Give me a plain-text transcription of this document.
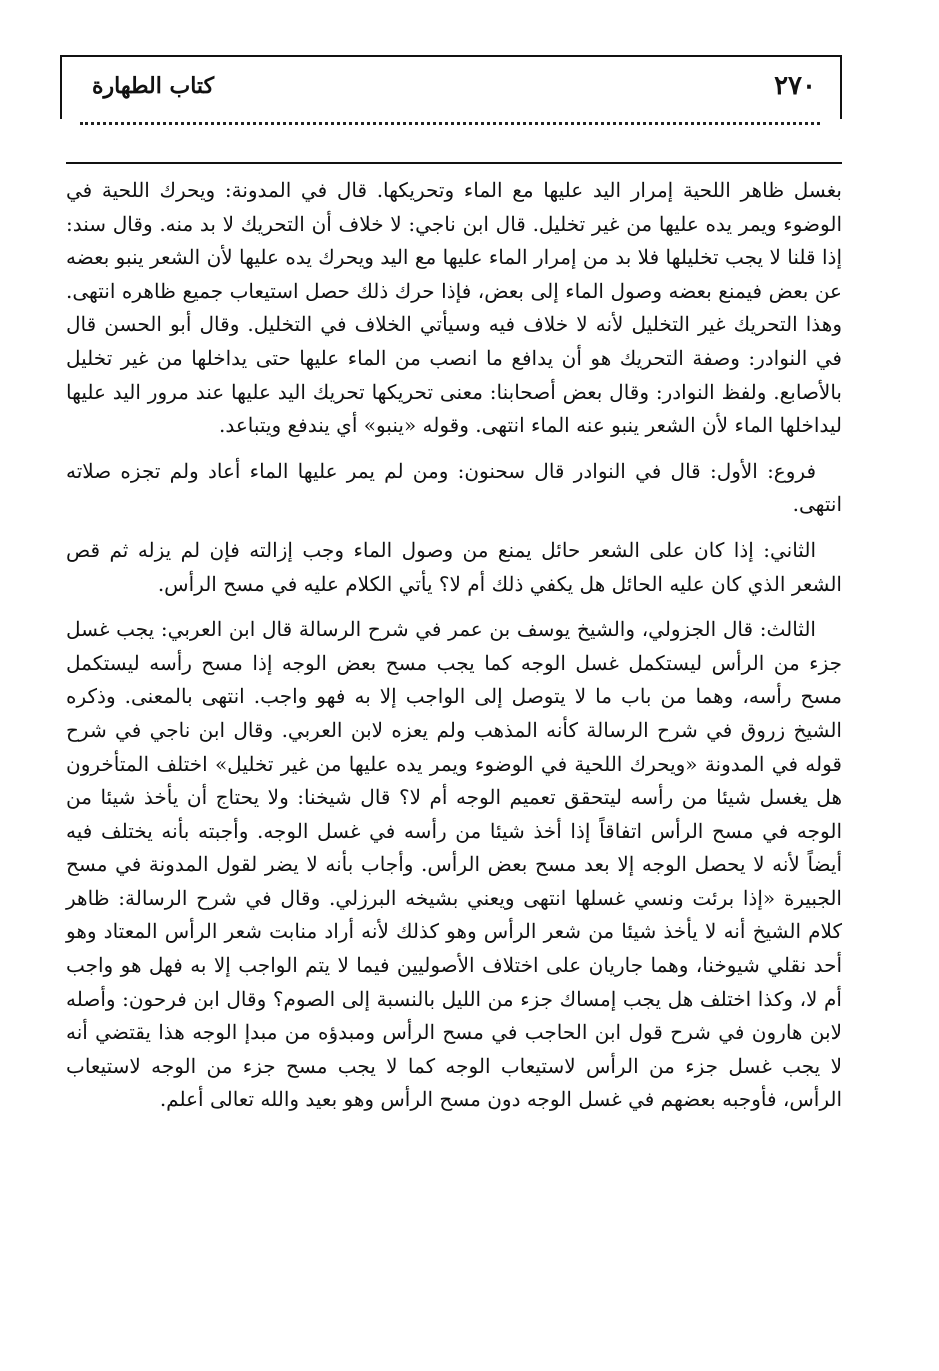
كتاب الطهارة	٢٧٠

بغسل ظاهر اللحية إمرار اليد عليها مع الماء وتحريكها. قال في المدونة: ويحرك اللحية في الوضوء ويمر يده عليها من غير تخليل. قال ابن ناجي: لا خلاف أن التحريك لا بد منه. وقال سند: إذا قلنا لا يجب تخليلها فلا بد من إمرار الماء عليها مع اليد ويحرك يده عليها لأن الشعر ينبو بعضه عن بعض فيمنع بعضه وصول الماء إلى بعض، فإذا حرك ذلك حصل استيعاب جميع ظاهره انتهى. وهذا التحريك غير التخليل لأنه لا خلاف فيه وسيأتي الخلاف في التخليل. وقال أبو الحسن قال في النوادر: وصفة التحريك هو أن يدافع ما انصب من الماء عليها حتى يداخلها من غير تخليل بالأصابع. ولفظ النوادر: وقال بعض أصحابنا: معنى تحريكها تحريك اليد عليها عند مرور اليد عليها ليداخلها الماء لأن الشعر ينبو عنه الماء انتهى. وقوله «ينبو» أي يندفع ويتباعد.

فروع: الأول: قال في النوادر قال سحنون: ومن لم يمر عليها الماء أعاد ولم تجزه صلاته انتهى.

الثاني: إذا كان على الشعر حائل يمنع من وصول الماء وجب إزالته فإن لم يزله ثم قص الشعر الذي كان عليه الحائل هل يكفي ذلك أم لا؟ يأتي الكلام عليه في مسح الرأس.

الثالث: قال الجزولي، والشيخ يوسف بن عمر في شرح الرسالة قال ابن العربي: يجب غسل جزء من الرأس ليستكمل غسل الوجه كما يجب مسح بعض الوجه إذا مسح رأسه ليستكمل مسح رأسه، وهما من باب ما لا يتوصل إلى الواجب إلا به فهو واجب. انتهى بالمعنى. وذكره الشيخ زروق في شرح الرسالة كأنه المذهب ولم يعزه لابن العربي. وقال ابن ناجي في شرح قوله في المدونة «ويحرك اللحية في الوضوء ويمر يده عليها من غير تخليل» اختلف المتأخرون هل يغسل شيئا من رأسه ليتحقق تعميم الوجه أم لا؟ قال شيخنا: ولا يحتاج أن يأخذ شيئا من الوجه في مسح الرأس اتفاقاً إذا أخذ شيئا من رأسه في غسل الوجه. وأجبته بأنه يختلف فيه أيضاً لأنه لا يحصل الوجه إلا بعد مسح بعض الرأس. وأجاب بأنه لا يضر لقول المدونة في مسح الجبيرة «إذا برئت ونسي غسلها انتهى ويعني بشيخه البرزلي. وقال في شرح الرسالة: ظاهر كلام الشيخ أنه لا يأخذ شيئا من شعر الرأس وهو كذلك لأنه أراد منابت شعر الرأس المعتاد وهو أحد نقلي شيوخنا، وهما جاريان على اختلاف الأصوليين فيما لا يتم الواجب إلا به فهل هو واجب أم لا، وكذا اختلف هل يجب إمساك جزء من الليل بالنسبة إلى الصوم؟ وقال ابن فرحون: وأصله لابن هارون في شرح قول ابن الحاجب في مسح الرأس ومبدؤه من مبدإ الوجه هذا يقتضي أنه لا يجب غسل جزء من الرأس لاستيعاب الوجه كما لا يجب مسح جزء من الوجه لاستيعاب الرأس، فأوجبه بعضهم في غسل الوجه دون مسح الرأس وهو بعيد والله تعالى أعلم.
